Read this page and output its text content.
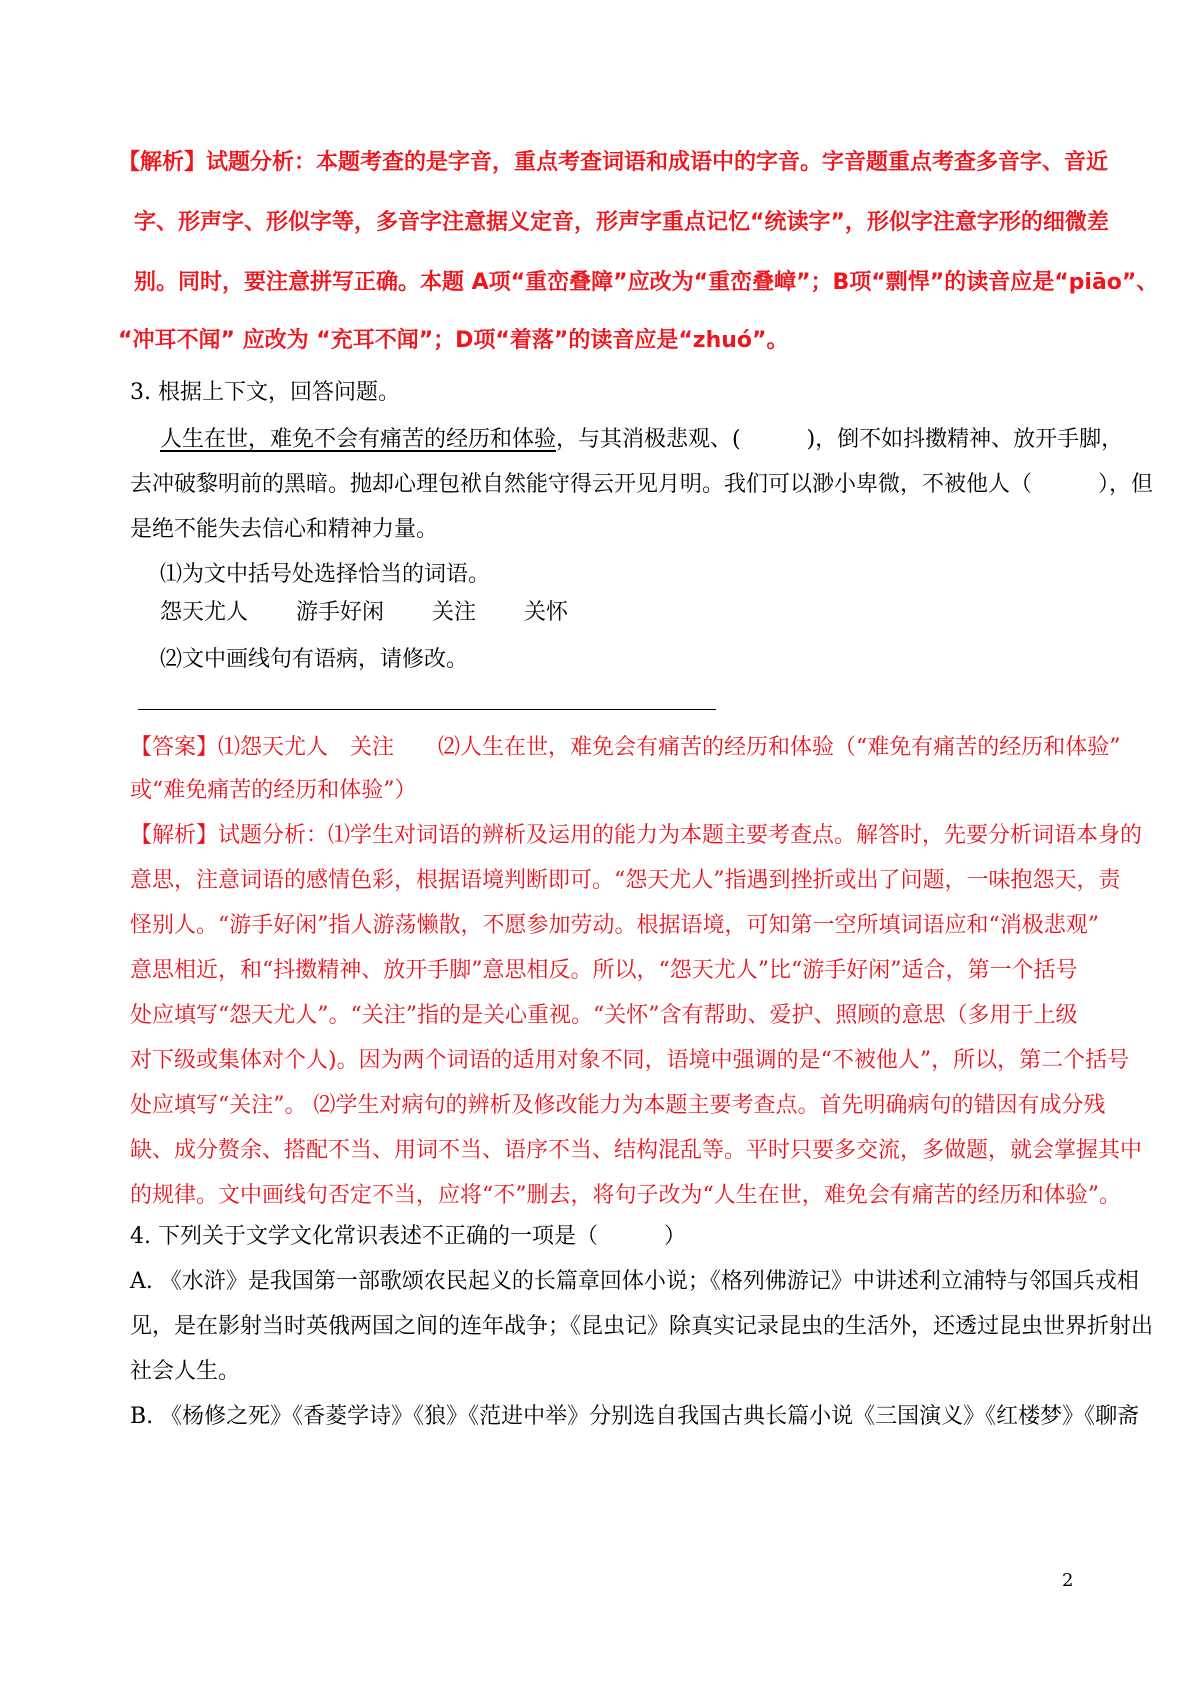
【解析】试题分析：本题考查的是字音，重点考查词语和成语中的字音。字音题重点考查多音字、音近
字、形声字、形似字等，多音字注意据义定音，形声字重点记忆“统读字”，形似字注意字形的细微差
别。同时，要注意拼写正确。本题 A项“重峦叠障”应改为“重峦叠嶂”；B项“剽悍”的读音应是“piāo”、
“冲耳不闻” 应改为 “充耳不闻”；D项“着落”的读音应是“zhuó”。
3. 根据上下文，回答问题。
人生在世，难免不会有痛苦的经历和体验，与其消极悲观、(　　　)，倒不如抖擞精神、放开手脚，
去冲破黎明前的黑暗。抛却心理包袱自然能守得云开见月明。我们可以渺小卑微，不被他人（　　　），但
是绝不能失去信心和精神力量。
⑴为文中括号处选择恰当的词语。
怨天尤人 游手好闲 关注 关怀
⑵文中画线句有语病，请修改。
【答案】⑴怨天尤人　关注　　⑵人生在世，难免会有痛苦的经历和体验（“难免有痛苦的经历和体验”
或“难免痛苦的经历和体验”）
【解析】试题分析：⑴学生对词语的辨析及运用的能力为本题主要考查点。解答时，先要分析词语本身的
意思，注意词语的感情色彩，根据语境判断即可。“怨天尤人”指遇到挫折或出了问题，一味抱怨天，责
怪别人。“游手好闲”指人游荡懒散，不愿参加劳动。根据语境，可知第一空所填词语应和“消极悲观”
意思相近，和“抖擞精神、放开手脚”意思相反。所以，“怨天尤人”比“游手好闲”适合，第一个括号
处应填写“怨天尤人”。“关注”指的是关心重视。“关怀”含有帮助、爱护、照顾的意思（多用于上级
对下级或集体对个人)。因为两个词语的适用对象不同，语境中强调的是“不被他人”，所以，第二个括号
处应填写“关注”。 ⑵学生对病句的辨析及修改能力为本题主要考查点。首先明确病句的错因有成分残
缺、成分赘余、搭配不当、用词不当、语序不当、结构混乱等。平时只要多交流，多做题，就会掌握其中
的规律。文中画线句否定不当，应将“不”删去，将句子改为“人生在世，难免会有痛苦的经历和体验”。
4. 下列关于文学文化常识表述不正确的一项是（　　　）
A. 《水浒》是我国第一部歌颂农民起义的长篇章回体小说；《格列佛游记》中讲述利立浦特与邻国兵戎相
见，是在影射当时英俄两国之间的连年战争；《昆虫记》除真实记录昆虫的生活外，还透过昆虫世界折射出
社会人生。
B. 《杨修之死》《香菱学诗》《狼》《范进中举》分别选自我国古典长篇小说《三国演义》《红楼梦》《聊斋
2
